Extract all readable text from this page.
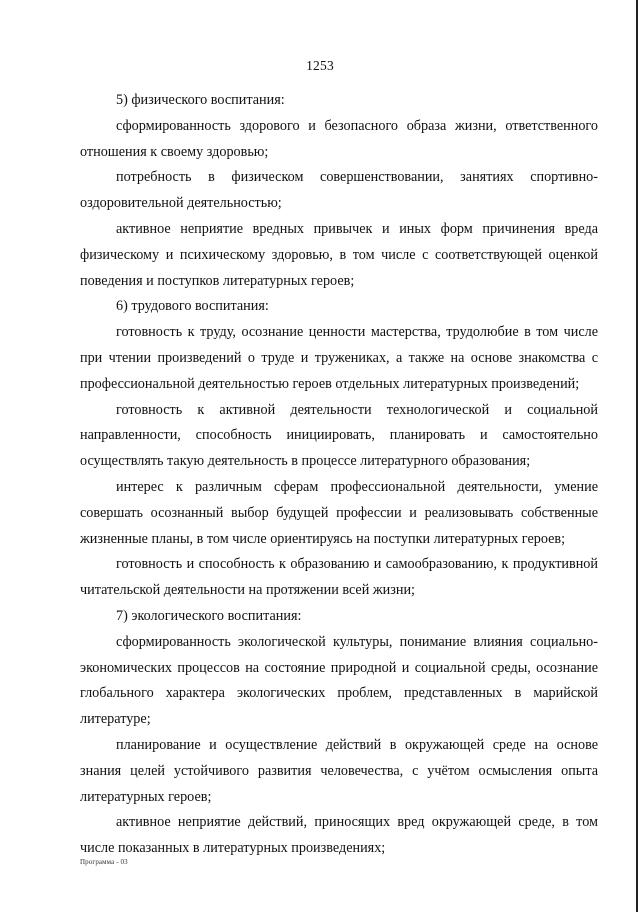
1253

5) физического воспитания:

сформированность здорового и безопасного образа жизни, ответственного отношения к своему здоровью;

потребность в физическом совершенствовании, занятиях спортивно-оздоровительной деятельностью;

активное неприятие вредных привычек и иных форм причинения вреда физическому и психическому здоровью, в том числе с соответствующей оценкой поведения и поступков литературных героев;

6) трудового воспитания:

готовность к труду, осознание ценности мастерства, трудолюбие в том числе при чтении произведений о труде и тружениках, а также на основе знакомства с профессиональной деятельностью героев отдельных литературных произведений;

готовность к активной деятельности технологической и социальной направленности, способность инициировать, планировать и самостоятельно осуществлять такую деятельность в процессе литературного образования;

интерес к различным сферам профессиональной деятельности, умение совершать осознанный выбор будущей профессии и реализовывать собственные жизненные планы, в том числе ориентируясь на поступки литературных героев;

готовность и способность к образованию и самообразованию, к продуктивной читательской деятельности на протяжении всей жизни;

7) экологического воспитания:

сформированность экологической культуры, понимание влияния социально-экономических процессов на состояние природной и социальной среды, осознание глобального характера экологических проблем, представленных в марийской литературе;

планирование и осуществление действий в окружающей среде на основе знания целей устойчивого развития человечества, с учётом осмысления опыта литературных героев;

активное неприятие действий, приносящих вред окружающей среде, в том числе показанных в литературных произведениях;

Программа - 03
